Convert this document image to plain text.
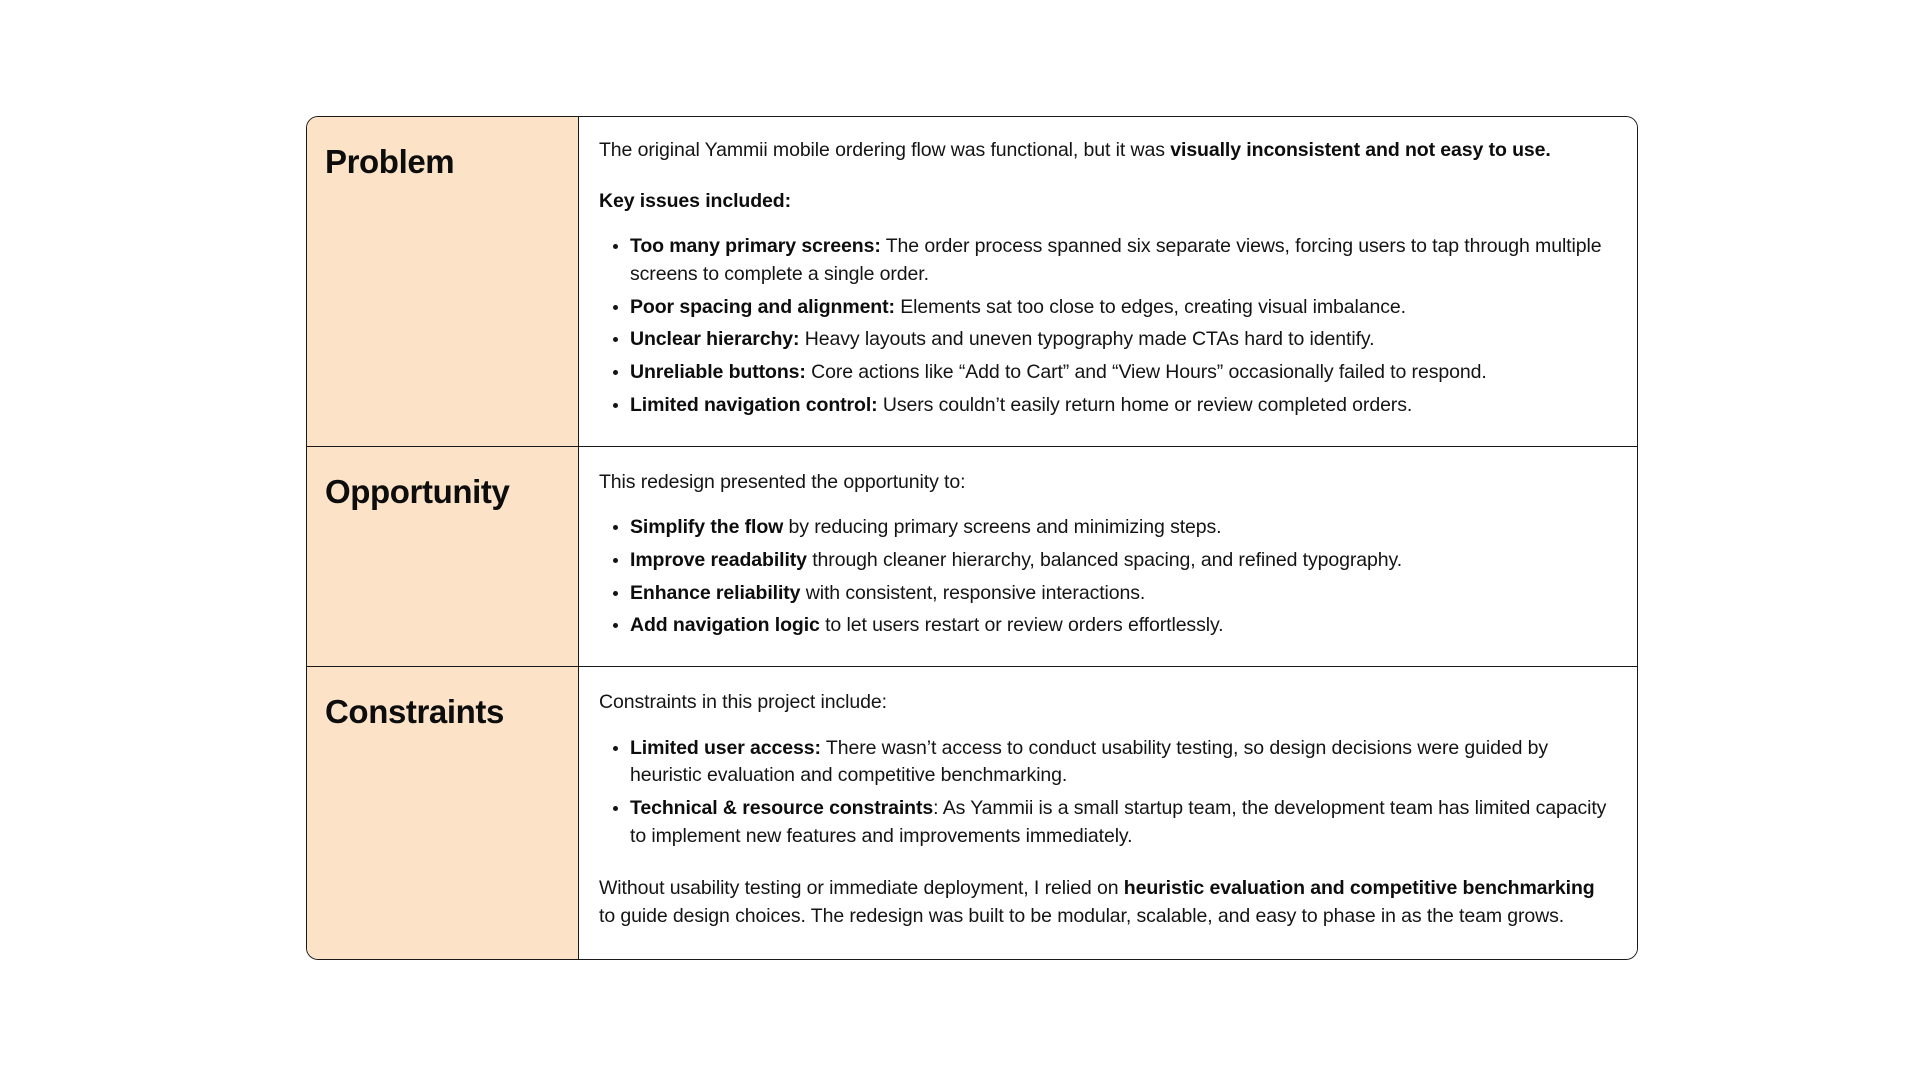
Problem	The original Yammii mobile ordering flow was functional, but it was visually inconsistent and not easy to use.

Key issues included:

Too many primary screens: The order process spanned six separate views, forcing users to tap through multiple screens to complete a single order.
Poor spacing and alignment: Elements sat too close to edges, creating visual imbalance.
Unclear hierarchy: Heavy layouts and uneven typography made CTAs hard to identify.
Unreliable buttons: Core actions like “Add to Cart” and “View Hours” occasionally failed to respond.
Limited navigation control: Users couldn’t easily return home or review completed orders.
Opportunity	This redesign presented the opportunity to:

Simplify the flow by reducing primary screens and minimizing steps.
Improve readability through cleaner hierarchy, balanced spacing, and refined typography.
Enhance reliability with consistent, responsive interactions.
Add navigation logic to let users restart or review orders effortlessly.
Constraints	Constraints in this project include:

Limited user access: There wasn’t access to conduct usability testing, so design decisions were guided by heuristic evaluation and competitive benchmarking.
Technical & resource constraints: As Yammii is a small startup team, the development team has limited capacity to implement new features and improvements immediately.

Without usability testing or immediate deployment, I relied on heuristic evaluation and competitive benchmarking to guide design choices. The redesign was built to be modular, scalable, and easy to phase in as the team grows.
